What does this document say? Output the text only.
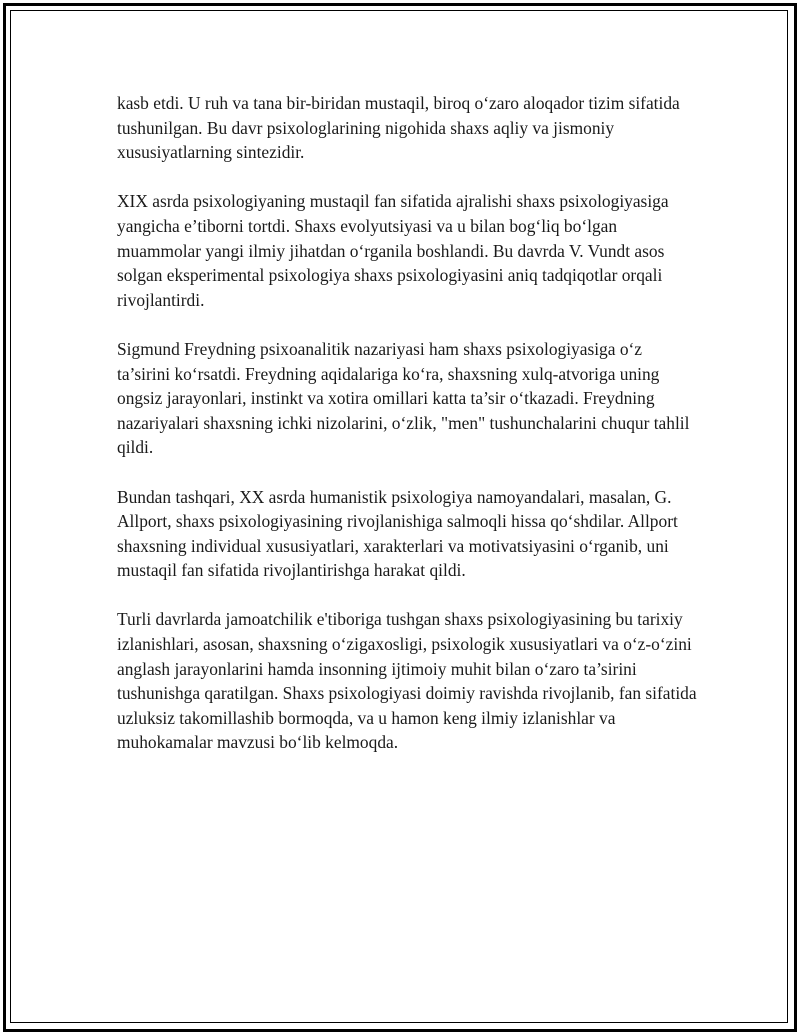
kasb etdi. U ruh va tana bir-biridan mustaqil, biroq o‘zaro aloqador tizim sifatida tushunilgan. Bu davr psixologlarining nigohida shaxs aqliy va jismoniy xususiyatlarning sintezidir.

XIX asrda psixologiyaning mustaqil fan sifatida ajralishi shaxs psixologiyasiga yangicha e’tiborni tortdi. Shaxs evolyutsiyasi va u bilan bog‘liq bo‘lgan muammolar yangi ilmiy jihatdan o‘rganila boshlandi. Bu davrda V. Vundt asos solgan eksperimental psixologiya shaxs psixologiyasini aniq tadqiqotlar orqali rivojlantirdi.

Sigmund Freydning psixoanalitik nazariyasi ham shaxs psixologiyasiga o‘z ta’sirini ko‘rsatdi. Freydning aqidalariga ko‘ra, shaxsning xulq-atvoriga uning ongsiz jarayonlari, instinkt va xotira omillari katta ta’sir o‘tkazadi. Freydning nazariyalari shaxsning ichki nizolarini, o‘zlik, "men" tushunchalarini chuqur tahlil qildi.

Bundan tashqari, XX asrda humanistik psixologiya namoyandalari, masalan, G. Allport, shaxs psixologiyasining rivojlanishiga salmoqli hissa qo‘shdilar. Allport shaxsning individual xususiyatlari, xarakterlari va motivatsiyasini o‘rganib, uni mustaqil fan sifatida rivojlantirishga harakat qildi.

Turli davrlarda jamoatchilik e'tiboriga tushgan shaxs psixologiyasining bu tarixiy izlanishlari, asosan, shaxsning o‘zigaxosligi, psixologik xususiyatlari va o‘z-o‘zini anglash jarayonlarini hamda insonning ijtimoiy muhit bilan o‘zaro ta’sirini tushunishga qaratilgan. Shaxs psixologiyasi doimiy ravishda rivojlanib, fan sifatida uzluksiz takomillashib bormoqda, va u hamon keng ilmiy izlanishlar va muhokamalar mavzusi bo‘lib kelmoqda.
